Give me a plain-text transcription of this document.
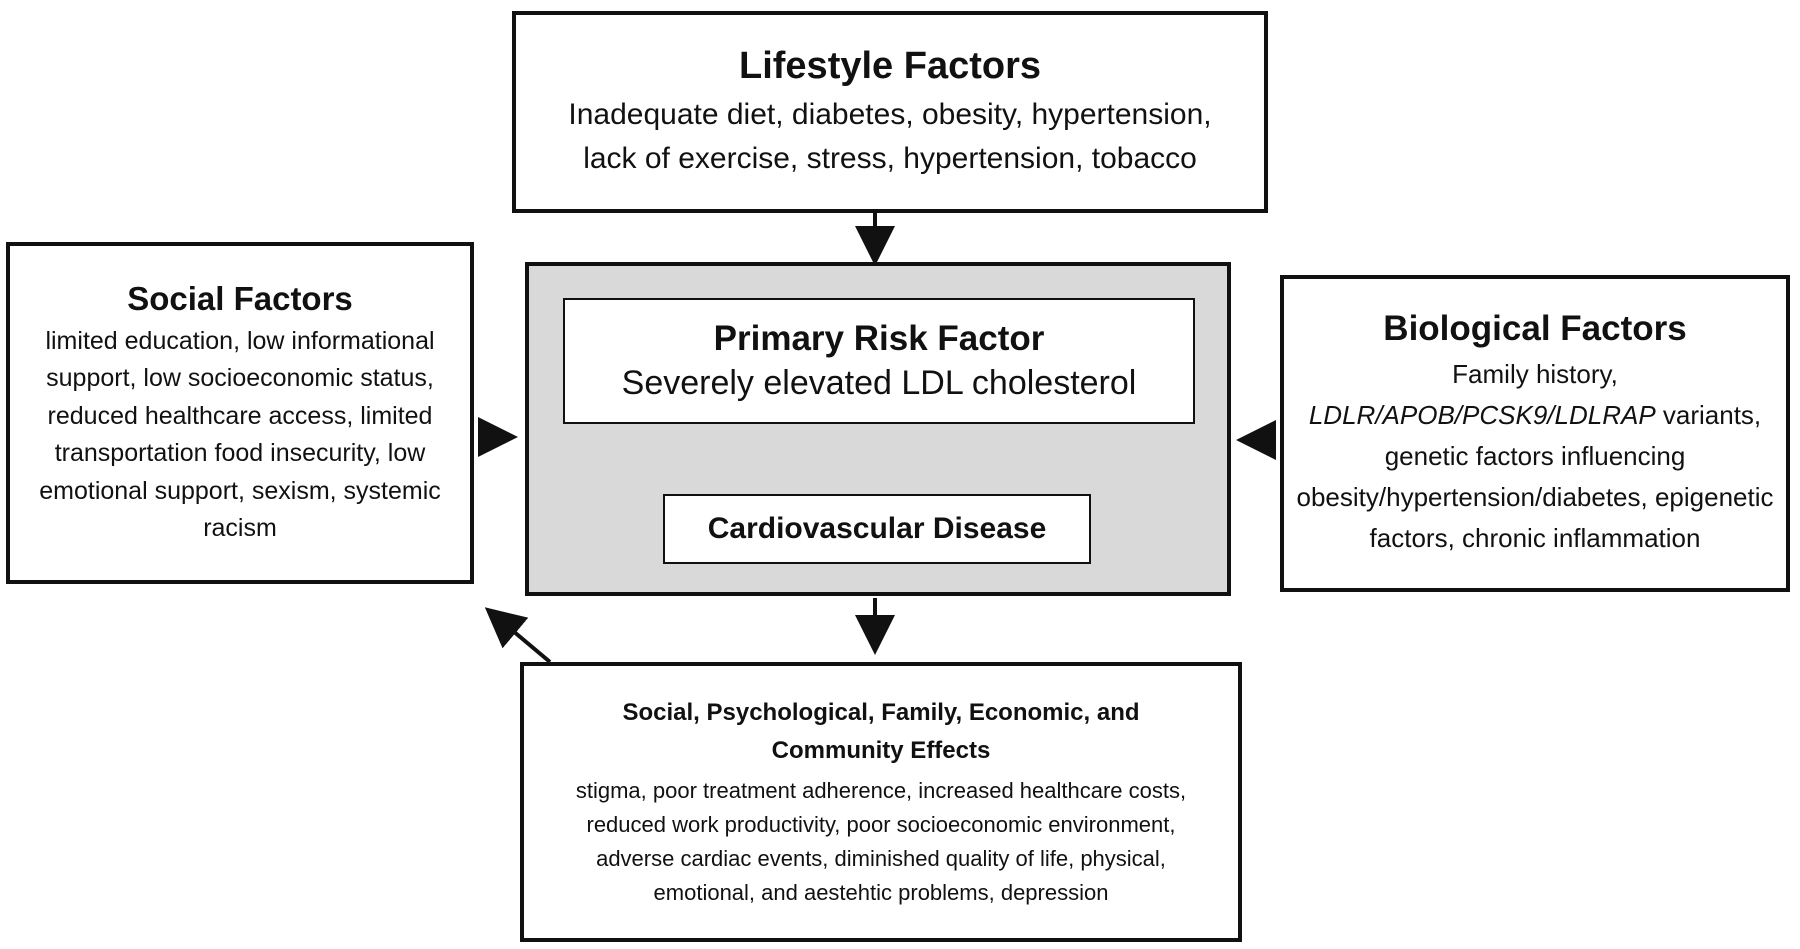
Lifestyle Factors
Inadequate diet, diabetes, obesity, hypertension,
lack of exercise, stress, hypertension, tobacco
Social Factors
limited education, low informational support, low socioeconomic status, reduced healthcare access, limited transportation food insecurity, low emotional support, sexism, systemic racism
Primary Risk Factor
Severely elevated LDL cholesterol
Cardiovascular Disease
Biological Factors
Family history,
LDLR/APOB/PCSK9/LDLRAP variants, genetic factors influencing obesity/hypertension/diabetes, epigenetic factors, chronic inflammation
Social, Psychological, Family, Economic, and Community Effects
stigma, poor treatment adherence, increased healthcare costs, reduced work productivity, poor socioeconomic environment, adverse cardiac events, diminished quality of life, physical, emotional, and aestehtic problems, depression
